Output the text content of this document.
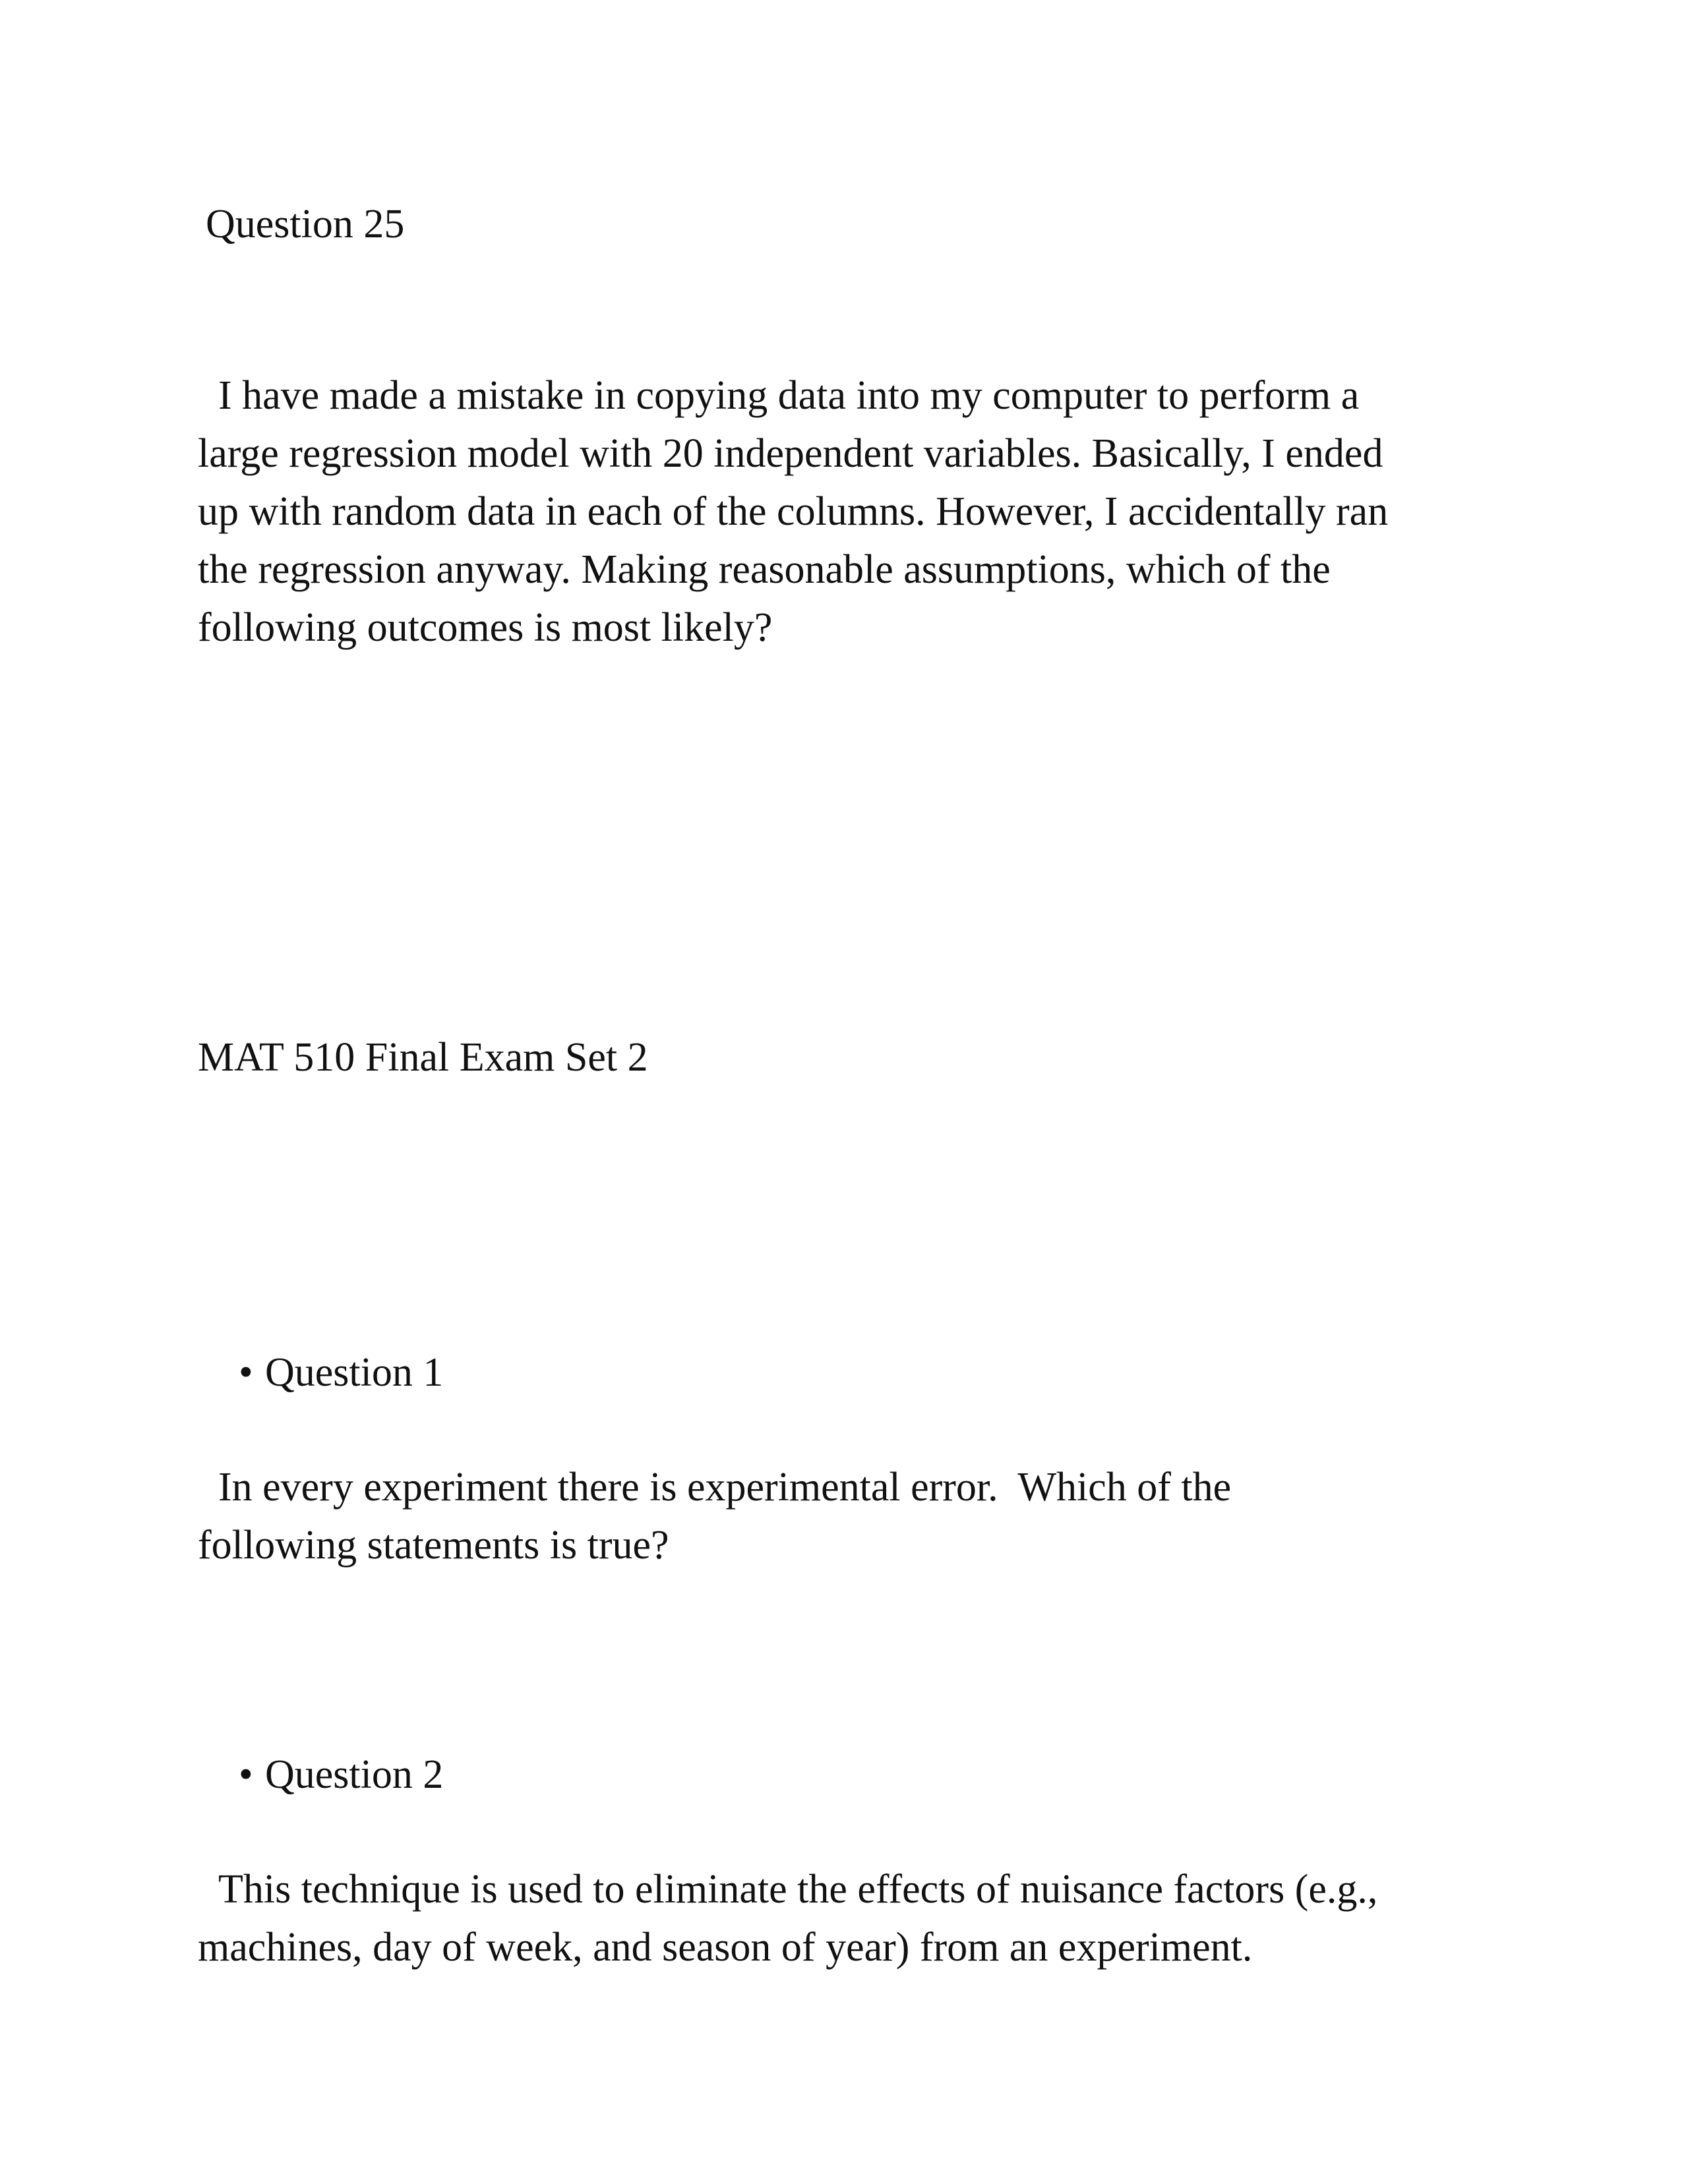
Question 25
I have made a mistake in copying data into my computer to perform a
large regression model with 20 independent variables. Basically, I ended
up with random data in each of the columns. However, I accidentally ran
the regression anyway. Making reasonable assumptions, which of the
following outcomes is most likely?
MAT 510 Final Exam Set 2

• Question 1

In every experiment there is experimental error.  Which of the
following statements is true?

• Question 2

This technique is used to eliminate the effects of nuisance factors (e.g.,
machines, day of week, and season of year) from an experiment.
